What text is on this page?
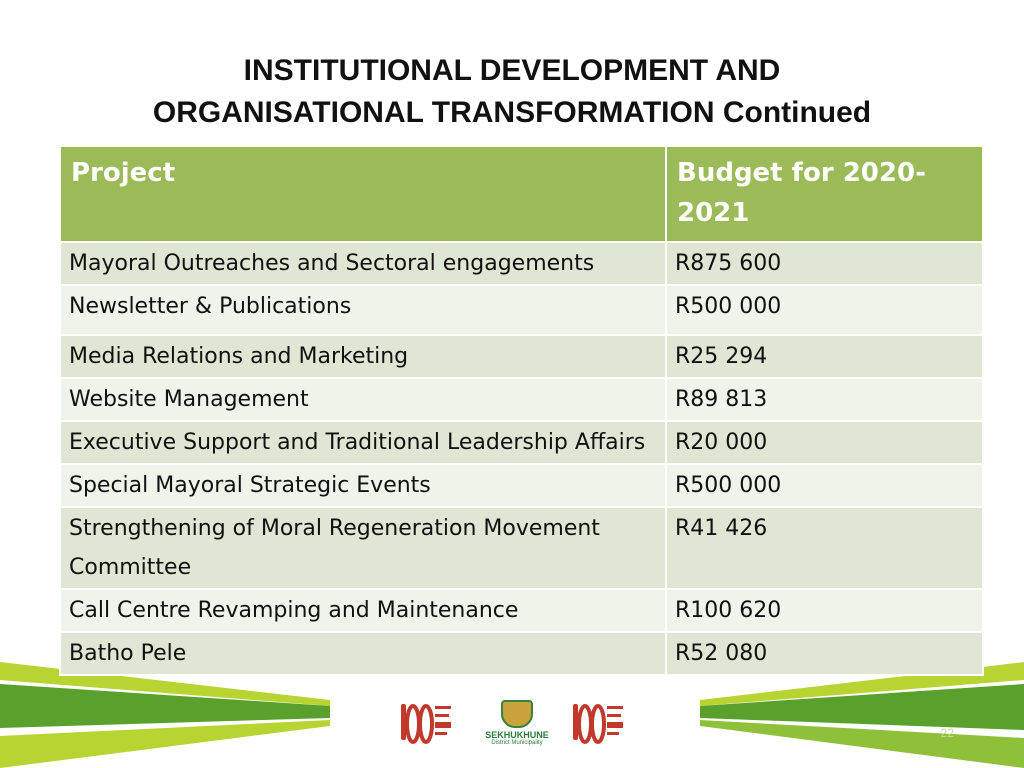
INSTITUTIONAL DEVELOPMENT AND
ORGANISATIONAL TRANSFORMATION Continued
Project	Budget for 2020-2021
Mayoral Outreaches and Sectoral engagements	R875 600
Newsletter & Publications	R500 000
Media Relations and Marketing	R25 294
Website Management	R89 813
Executive Support and Traditional Leadership Affairs	R20 000
Special Mayoral Strategic Events	R500 000
Strengthening of Moral Regeneration Movement Committee	R41 426
Call Centre Revamping and Maintenance	R100 620
Batho Pele	R52 080
SEKHUKHUNE
District Municipality
22
